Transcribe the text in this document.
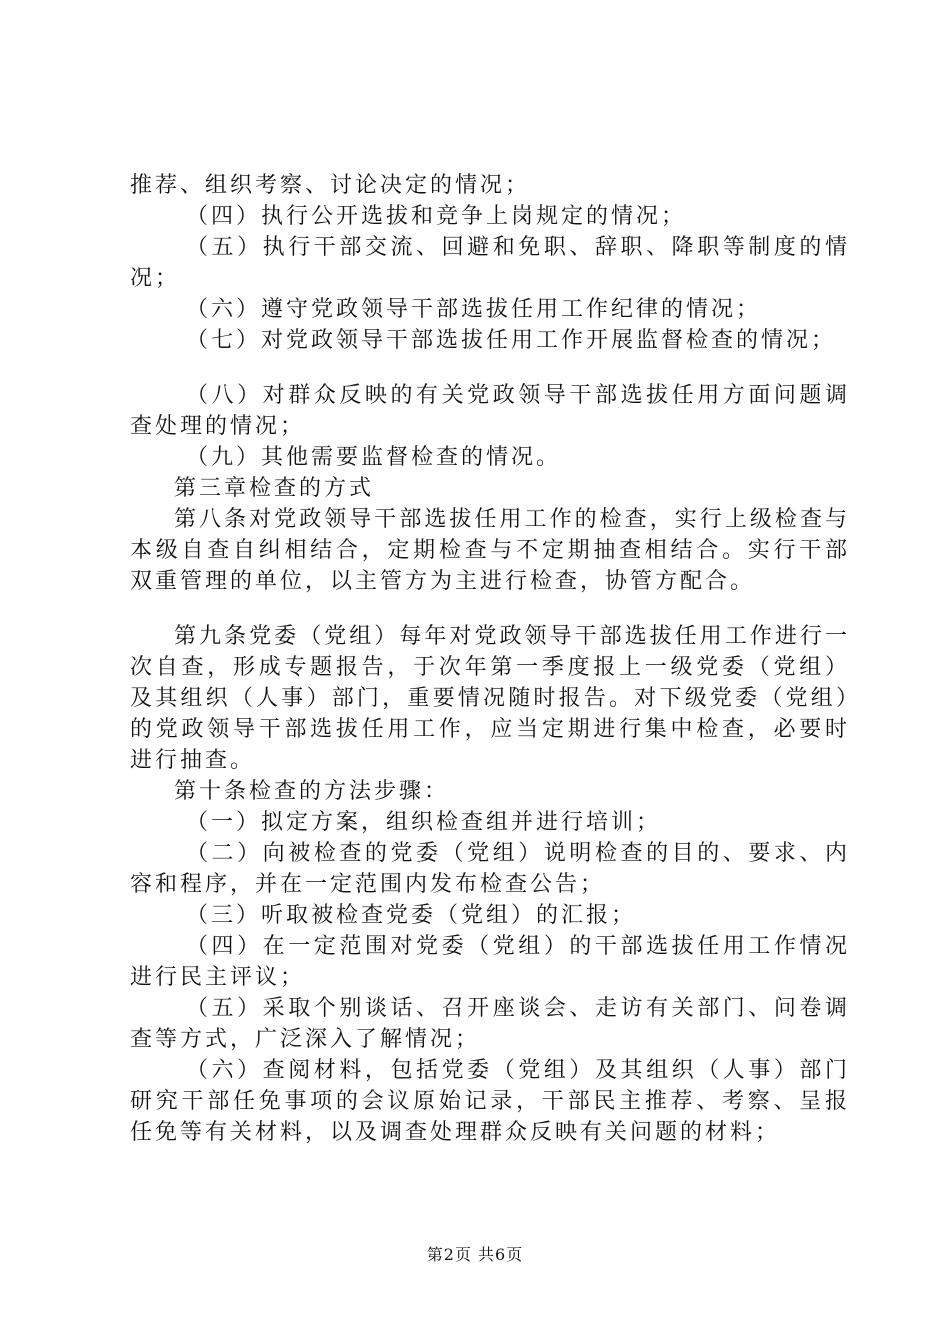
推荐、组织考察、讨论决定的情况；

（四）执行公开选拔和竞争上岗规定的情况；

（五）执行干部交流、回避和免职、辞职、降职等制度的情况；

（六）遵守党政领导干部选拔任用工作纪律的情况；

（七）对党政领导干部选拔任用工作开展监督检查的情况；

（八）对群众反映的有关党政领导干部选拔任用方面问题调查处理的情况；

（九）其他需要监督检查的情况。

第三章检查的方式

第八条对党政领导干部选拔任用工作的检查，实行上级检查与本级自查自纠相结合，定期检查与不定期抽查相结合。实行干部双重管理的单位，以主管方为主进行检查，协管方配合。

第九条党委（党组）每年对党政领导干部选拔任用工作进行一次自查，形成专题报告，于次年第一季度报上一级党委（党组）及其组织（人事）部门，重要情况随时报告。对下级党委（党组）的党政领导干部选拔任用工作，应当定期进行集中检查，必要时进行抽查。

第十条检查的方法步骤：

（一）拟定方案，组织检查组并进行培训；

（二）向被检查的党委（党组）说明检查的目的、要求、内容和程序，并在一定范围内发布检查公告；

（三）听取被检查党委（党组）的汇报；

（四）在一定范围对党委（党组）的干部选拔任用工作情况进行民主评议；

（五）采取个别谈话、召开座谈会、走访有关部门、问卷调查等方式，广泛深入了解情况；

（六）查阅材料，包括党委（党组）及其组织（人事）部门研究干部任免事项的会议原始记录，干部民主推荐、考察、呈报任免等有关材料，以及调查处理群众反映有关问题的材料；

第2页 共6页
